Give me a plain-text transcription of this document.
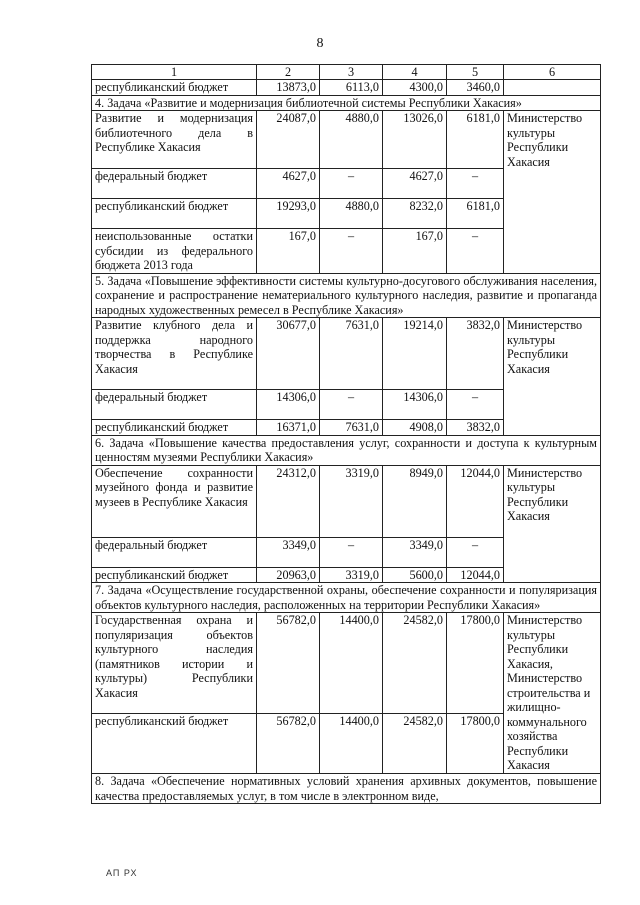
8
1	2	3	4	5	6
республиканский бюджет	13873,0	6113,0	4300,0	3460,0	
4. Задача «Развитие и модернизация библиотечной системы Республики Хакасия»					
Развитие и модернизация библиотечного дела в Республике Хакасия	24087,0	4880,0	13026,0	6181,0	Министерство культуры Республики Хакасия
федеральный бюджет	4627,0	–	4627,0	–	
республиканский бюджет	19293,0	4880,0	8232,0	6181,0	
неиспользованные остатки субсидии из федерального бюджета 2013 года	167,0	–	167,0	–	
5. Задача «Повышение эффективности системы культурно-досугового обслуживания населения, сохранение и распространение нематериального культурного наследия, развитие и пропаганда народных художественных ремесел в Республике Хакасия»					
Развитие клубного дела и поддержка народного творчества в Республике Хакасия	30677,0	7631,0	19214,0	3832,0	Министерство культуры Республики Хакасия
федеральный бюджет	14306,0	–	14306,0	–	
республиканский бюджет	16371,0	7631,0	4908,0	3832,0	
6. Задача «Повышение качества предоставления услуг, сохранности и доступа к культурным ценностям музеями Республики Хакасия»					
Обеспечение сохранности музейного фонда и развитие музеев в Республике Хакасия	24312,0	3319,0	8949,0	12044,0	Министерство культуры Республики Хакасия
федеральный бюджет	3349,0	–	3349,0	–	
республиканский бюджет	20963,0	3319,0	5600,0	12044,0	
7. Задача «Осуществление государственной охраны, обеспечение сохранности и популяризация объектов культурного наследия, расположенных на территории Республики Хакасия»					
Государственная охрана и популяризация объектов культурного наследия (памятников истории и культуры) Республики Хакасия	56782,0	14400,0	24582,0	17800,0	Министерство культуры Республики Хакасия, Министерство строительства и жилищно-коммунального хозяйства Республики Хакасия
республиканский бюджет	56782,0	14400,0	24582,0	17800,0	
8. Задача «Обеспечение нормативных условий хранения архивных документов, повышение качества предоставляемых услуг, в том числе в электронном виде,					
АП РХ
